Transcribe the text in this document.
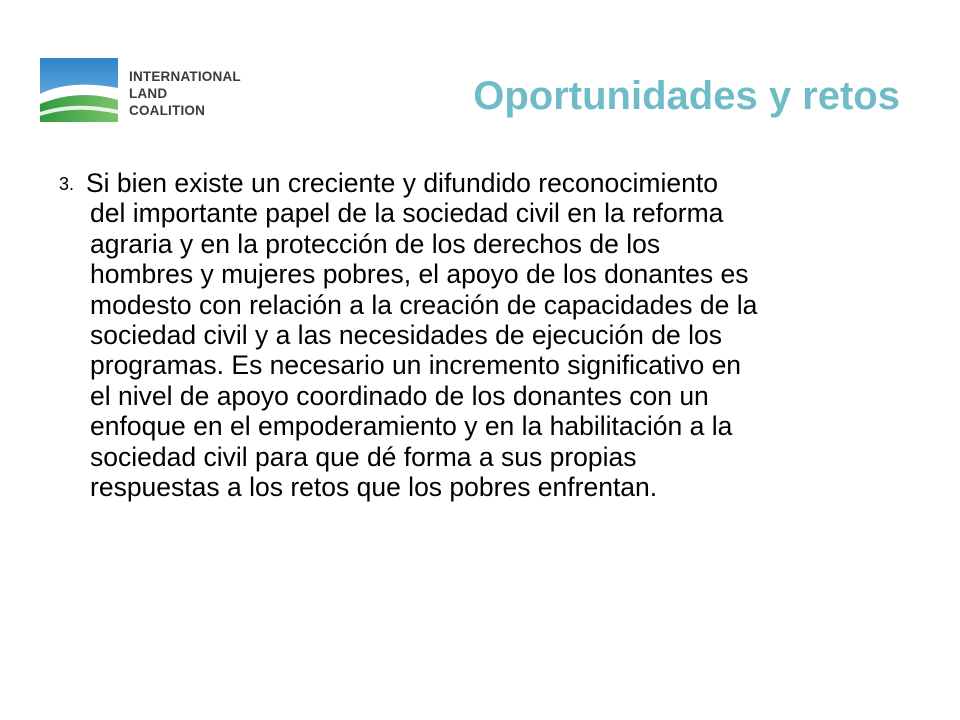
INTERNATIONAL
LAND
COALITION	Oportunidades y retos
3. Si bien existe un creciente y difundido reconocimiento
del importante papel de la sociedad civil en la reforma
agraria y en la protección de los derechos de los
hombres y mujeres pobres, el apoyo de los donantes es
modesto con relación a la creación de capacidades de la
sociedad civil y a las necesidades de ejecución de los
programas. Es necesario un incremento significativo en
el nivel de apoyo coordinado de los donantes con un
enfoque en el empoderamiento y en la habilitación a la
sociedad civil para que dé forma a sus propias
respuestas a los retos que los pobres enfrentan.
